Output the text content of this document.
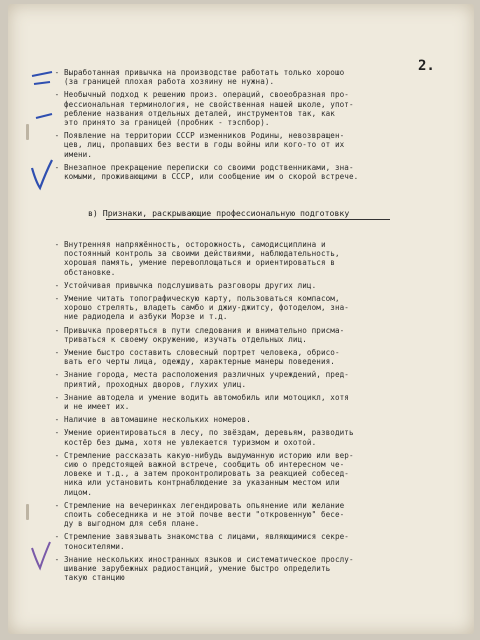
2.
- Выработанная привычка на производстве работать только хорошо
(за границей плохая работа хозяину не нужна).
- Необычный подход к решению произ. операций, своеобразная про-
фессиональная терминология, не свойственная нашей школе, упот-
ребление названия отдельных деталей, инструментов так, как
это принято за границей (пробник - тэспбор).
- Появление на территории СССР изменников Родины, невозвращен-
цев, лиц, пропавших без вести в годы войны или кого-то от их
имени.
- Внезапное прекращение переписки со своими родственниками, зна-
комыми, проживающими в СССР, или сообщение им о скорой встрече.
в) Признаки, раскрывающие профессиональную подготовку
- Внутренняя напряжённость, осторожность, самодисциплина и
постоянный контроль за своими действиями, наблюдательность,
хорошая память, умение перевоплощаться и ориентироваться в
обстановке.
- Устойчивая привычка подслушивать разговоры других лиц.
- Умение читать топографическую карту, пользоваться компасом,
хорошо стрелять, владеть самбо и джиу-джитсу, фотоделом, зна-
ние радиодела и азбуки Морзе и т.д.
- Привычка проверяться в пути следования и внимательно присма-
триваться к своему окружению, изучать отдельных лиц.
- Умение быстро составить словесный портрет человека, обрисо-
вать его черты лица, одежду, характерные манеры поведения.
- Знание города, места расположения различных учреждений, пред-
приятий, проходных дворов, глухих улиц.
- Знание автодела и умение водить автомобиль или мотоцикл, хотя
и не имеет их.
- Наличие в автомашине нескольких номеров.
- Умение ориентироваться в лесу, по звёздам, деревьям, разводить
костёр без дыма, хотя не увлекается туризмом и охотой.
- Стремление рассказать какую-нибудь выдуманную историю или вер-
сию о предстоящей важной встрече, сообщить об интересном че-
ловеке и т.д., а затем проконтролировать за реакцией собесед-
ника или установить контрнаблюдение за указанным местом или
лицом.
- Стремление на вечеринках легендировать опьянение или желание
споить собеседника и не этой почве вести "откровенную" бесе-
ду в выгодном для себя плане.
- Стремление завязывать знакомства с лицами, являющимися секре-
тоносителями.
- Знание нескольких иностранных языков и систематическое прослу-
шивание зарубежных радиостанций, умение быстро определить
такую станцию
